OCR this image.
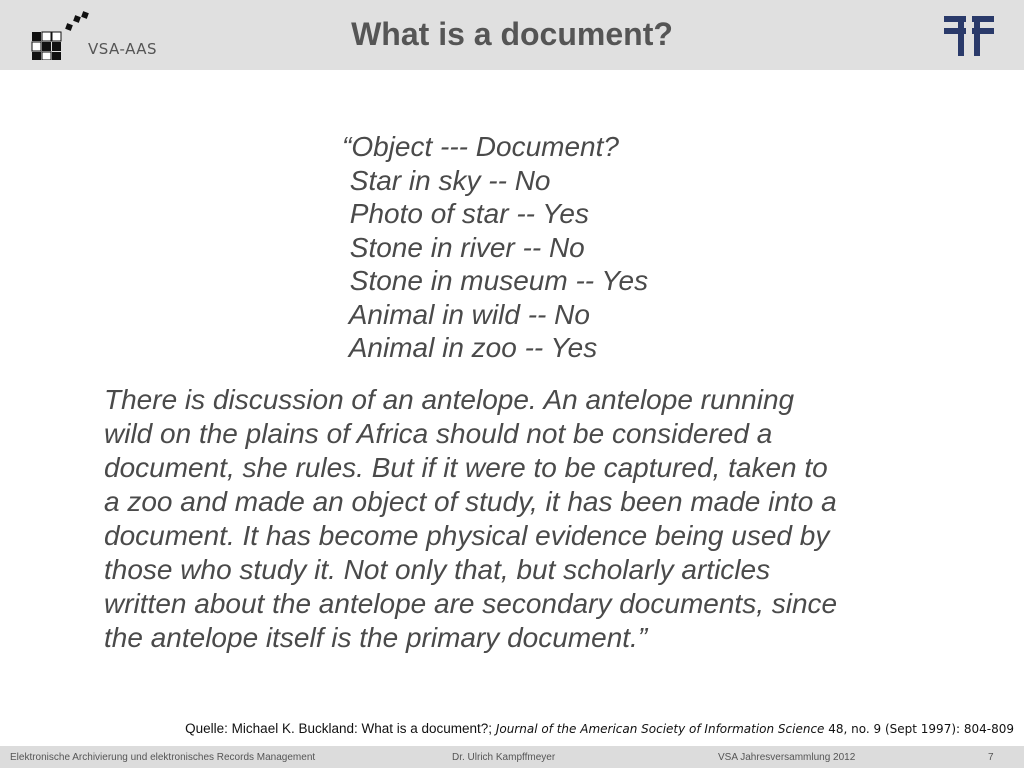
VSA-AAS	What is a document?
“Object --- Document?
Star in sky -- No
Photo of star -- Yes
Stone in river -- No
Stone in museum -- Yes
Animal in wild -- No
Animal in zoo -- Yes
There is discussion of an antelope. An antelope running
wild on the plains of Africa should not be considered a
document, she rules. But if it were to be captured, taken to
a zoo and made an object of study, it has been made into a
document. It has become physical evidence being used by
those who study it. Not only that, but scholarly articles
written about the antelope are secondary documents, since
the antelope itself is the primary document.”
Quelle: Michael K. Buckland: What is a document?; Journal of the American Society of Information Science 48, no. 9 (Sept 1997): 804-809
Elektronische Archivierung und elektronisches Records Management	Dr. Ulrich Kampffmeyer	VSA Jahresversammlung 2012	7
